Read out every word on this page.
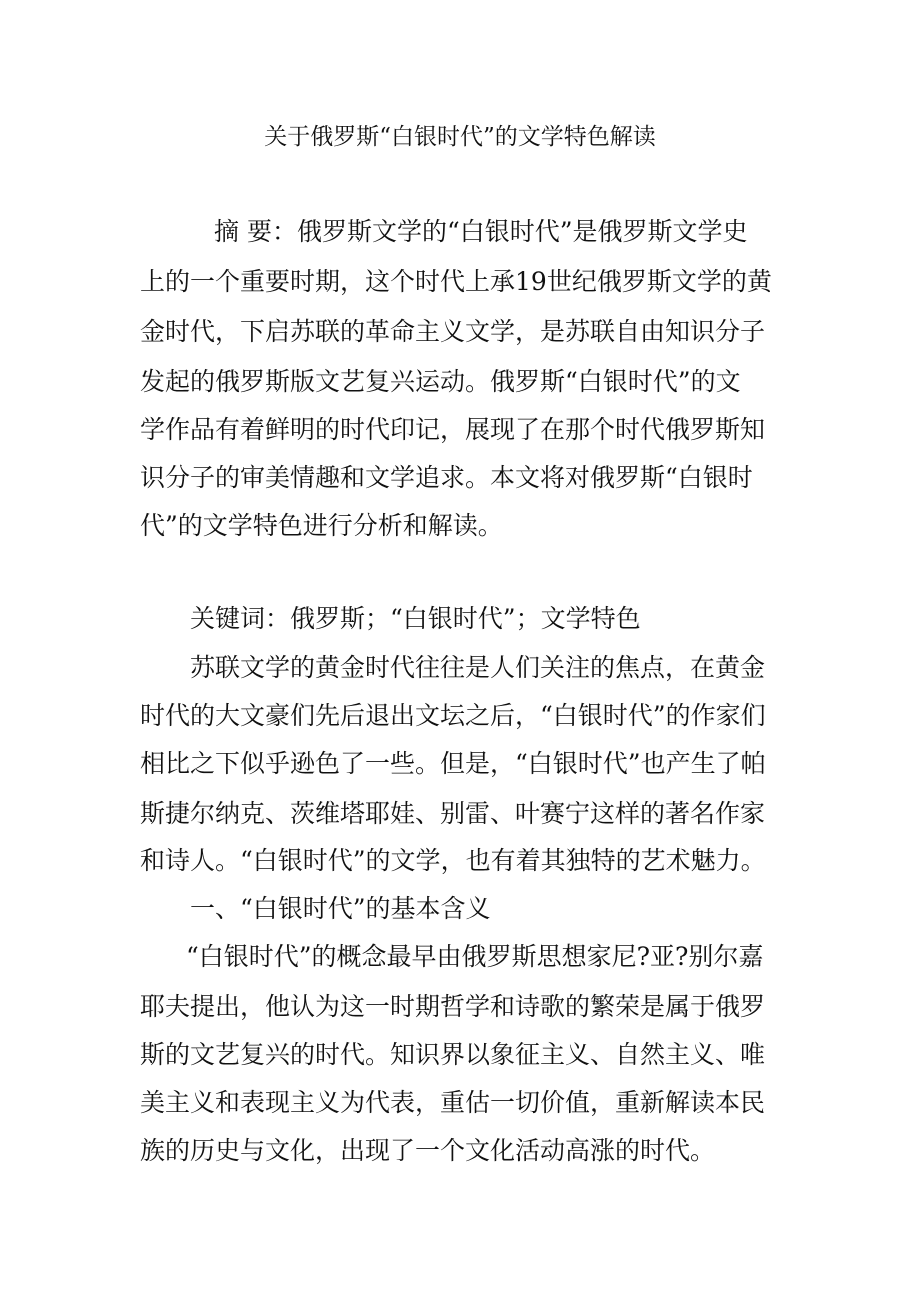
关于俄罗斯“白银时代”的文学特色解读
摘 要：俄罗斯文学的“白银时代”是俄罗斯文学史
上的一个重要时期，这个时代上承19世纪俄罗斯文学的黄
金时代，下启苏联的革命主义文学，是苏联自由知识分子
发起的俄罗斯版文艺复兴运动。俄罗斯“白银时代”的文
学作品有着鲜明的时代印记，展现了在那个时代俄罗斯知
识分子的审美情趣和文学追求。本文将对俄罗斯“白银时
代”的文学特色进行分析和解读。
关键词：俄罗斯；“白银时代”；文学特色
苏联文学的黄金时代往往是人们关注的焦点，在黄金
时代的大文豪们先后退出文坛之后，“白银时代”的作家们
相比之下似乎逊色了一些。但是，“白银时代”也产生了帕
斯捷尔纳克、茨维塔耶娃、别雷、叶赛宁这样的著名作家
和诗人。“白银时代”的文学，也有着其独特的艺术魅力。
一、“白银时代”的基本含义
“白银时代”的概念最早由俄罗斯思想家尼?亚?别尔嘉
耶夫提出，他认为这一时期哲学和诗歌的繁荣是属于俄罗
斯的文艺复兴的时代。知识界以象征主义、自然主义、唯
美主义和表现主义为代表，重估一切价值，重新解读本民
族的历史与文化，出现了一个文化活动高涨的时代。
